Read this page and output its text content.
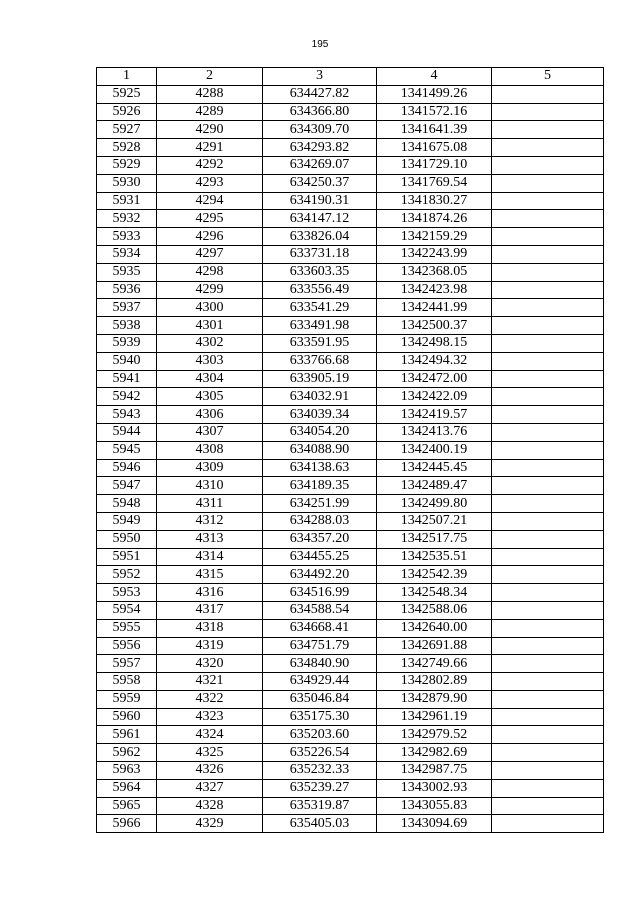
195
1	2	3	4	5
5925	4288	634427.82	1341499.26	
5926	4289	634366.80	1341572.16	
5927	4290	634309.70	1341641.39	
5928	4291	634293.82	1341675.08	
5929	4292	634269.07	1341729.10	
5930	4293	634250.37	1341769.54	
5931	4294	634190.31	1341830.27	
5932	4295	634147.12	1341874.26	
5933	4296	633826.04	1342159.29	
5934	4297	633731.18	1342243.99	
5935	4298	633603.35	1342368.05	
5936	4299	633556.49	1342423.98	
5937	4300	633541.29	1342441.99	
5938	4301	633491.98	1342500.37	
5939	4302	633591.95	1342498.15	
5940	4303	633766.68	1342494.32	
5941	4304	633905.19	1342472.00	
5942	4305	634032.91	1342422.09	
5943	4306	634039.34	1342419.57	
5944	4307	634054.20	1342413.76	
5945	4308	634088.90	1342400.19	
5946	4309	634138.63	1342445.45	
5947	4310	634189.35	1342489.47	
5948	4311	634251.99	1342499.80	
5949	4312	634288.03	1342507.21	
5950	4313	634357.20	1342517.75	
5951	4314	634455.25	1342535.51	
5952	4315	634492.20	1342542.39	
5953	4316	634516.99	1342548.34	
5954	4317	634588.54	1342588.06	
5955	4318	634668.41	1342640.00	
5956	4319	634751.79	1342691.88	
5957	4320	634840.90	1342749.66	
5958	4321	634929.44	1342802.89	
5959	4322	635046.84	1342879.90	
5960	4323	635175.30	1342961.19	
5961	4324	635203.60	1342979.52	
5962	4325	635226.54	1342982.69	
5963	4326	635232.33	1342987.75	
5964	4327	635239.27	1343002.93	
5965	4328	635319.87	1343055.83	
5966	4329	635405.03	1343094.69	
